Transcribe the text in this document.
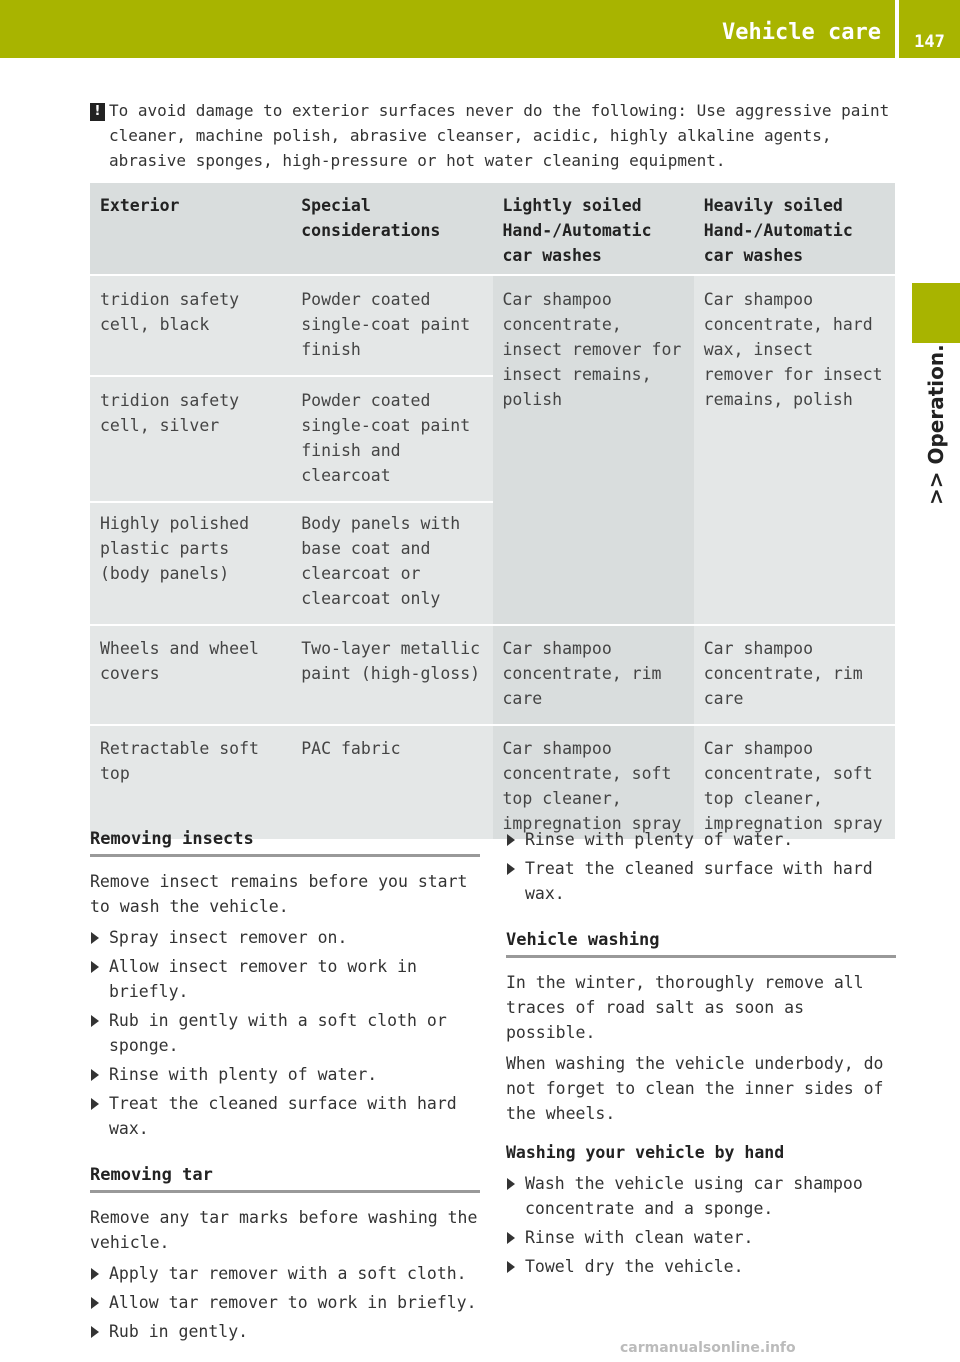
Vehicle care	147
>> Operation.
! To avoid damage to exterior surfaces never do the following: Use aggressive paint cleaner, machine polish, abrasive cleanser, acidic, highly alkaline agents, abrasive sponges, high-pressure or hot water cleaning equipment.
Exterior	Special considerations	Lightly soiled Hand-/Automatic car washes	Heavily soiled Hand-/Automatic car washes
tridion safety cell, black	Powder coated single-coat paint finish	Car shampoo concentrate, insect remover for insect remains, polish	Car shampoo concentrate, hard wax, insect remover for insect remains, polish
tridion safety cell, silver	Powder coated single-coat paint finish and clearcoat		
Highly polished plastic parts (body panels)	Body panels with base coat and clearcoat or clearcoat only		
Wheels and wheel covers	Two-layer metallic paint (high-gloss)	Car shampoo concentrate, rim care	Car shampoo concentrate, rim care
Retractable soft top	PAC fabric	Car shampoo concentrate, soft top cleaner, impregnation spray	Car shampoo concentrate, soft top cleaner, impregnation spray
Removing insects
Remove insect remains before you start to wash the vehicle.
Spray insect remover on.
Allow insect remover to work in briefly.
Rub in gently with a soft cloth or sponge.
Rinse with plenty of water.
Treat the cleaned surface with hard wax.
Removing tar
Remove any tar marks before washing the vehicle.
Apply tar remover with a soft cloth.
Allow tar remover to work in briefly.
Rub in gently.
Rinse with plenty of water.
Treat the cleaned surface with hard wax.
Vehicle washing
In the winter, thoroughly remove all traces of road salt as soon as possible.
When washing the vehicle underbody, do not forget to clean the inner sides of the wheels.
Washing your vehicle by hand
Wash the vehicle using car shampoo concentrate and a sponge.
Rinse with clean water.
Towel dry the vehicle.
carmanualsonline.info
